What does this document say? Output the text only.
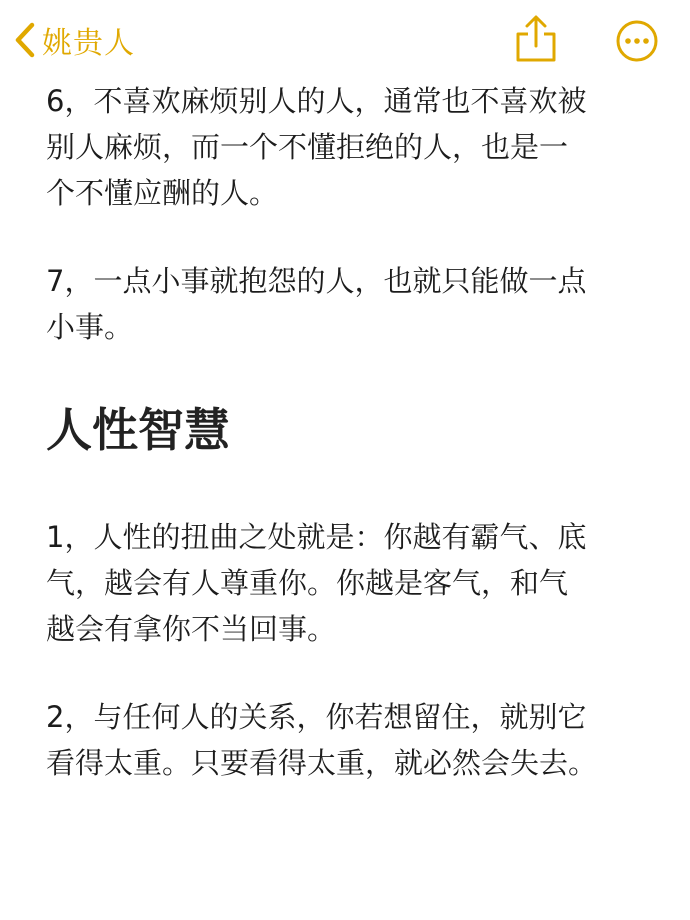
姚贵人

6，不喜欢麻烦别人的人，通常也不喜欢被

别人麻烦，而一个不懂拒绝的人，也是一

个不懂应酬的人。

7，一点小事就抱怨的人，也就只能做一点

小事。

人性智慧

1，人性的扭曲之处就是：你越有霸气、底

气，越会有人尊重你。你越是客气，和气

越会有拿你不当回事。

2，与任何人的关系，你若想留住，就别它

看得太重。只要看得太重，就必然会失去。
